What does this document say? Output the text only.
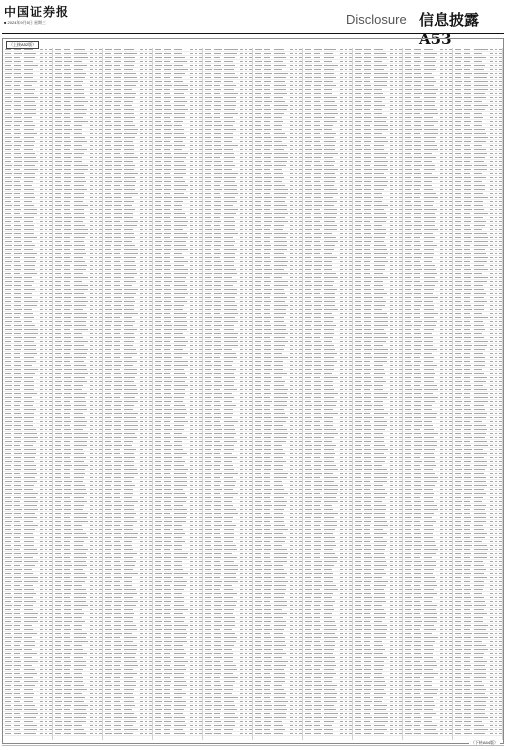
中国证券报
■ 2024年9月5日 星期三	Disclosure 信息披露 A53
（上接A52版）
（下转A54版）
